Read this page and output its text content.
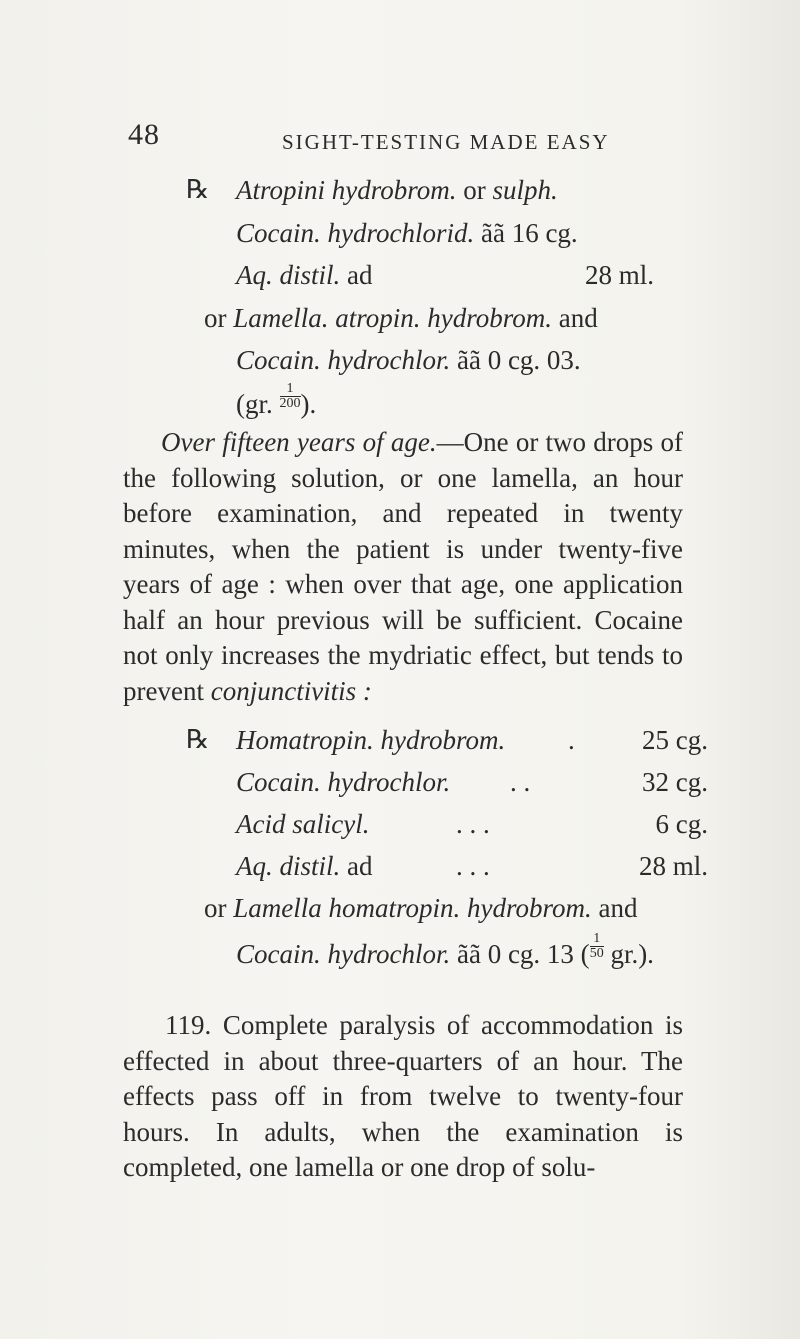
48	SIGHT-TESTING MADE EASY
℞ Atropini hydrobrom. or sulph.
Cocain. hydrochlorid. ãã 16 cg.
Aq. distil. ad	28 ml.
or Lamella. atropin. hydrobrom. and
Cocain. hydrochlor. ãã 0 cg. 03.
(gr. $\frac{1}{200}$ ).
Over fifteen years of age.—One or two drops of the following solution, or one lamella, an hour before examination, and repeated in twenty minutes, when the patient is under twenty-five years of age : when over that age, one application half an hour previous will be sufficient. Cocaine not only increases the mydriatic effect, but tends to prevent conjunctivitis :
℞ Homatropin. hydrobrom. .	25 cg.
Cocain. hydrochlor. . .	32 cg.
Acid salicyl.	. . .	6 cg.
Aq. distil. ad	. . .	28 ml.
or Lamella homatropin. hydrobrom. and
Cocain. hydrochlor. ãã 0 cg. 13 ( $\frac{1}{50} gr$.).
119. Complete paralysis of accommodation is effected in about three-quarters of an hour. The effects pass off in from twelve to twenty-four hours. In adults, when the examination is completed, one lamella or one drop of solu-
